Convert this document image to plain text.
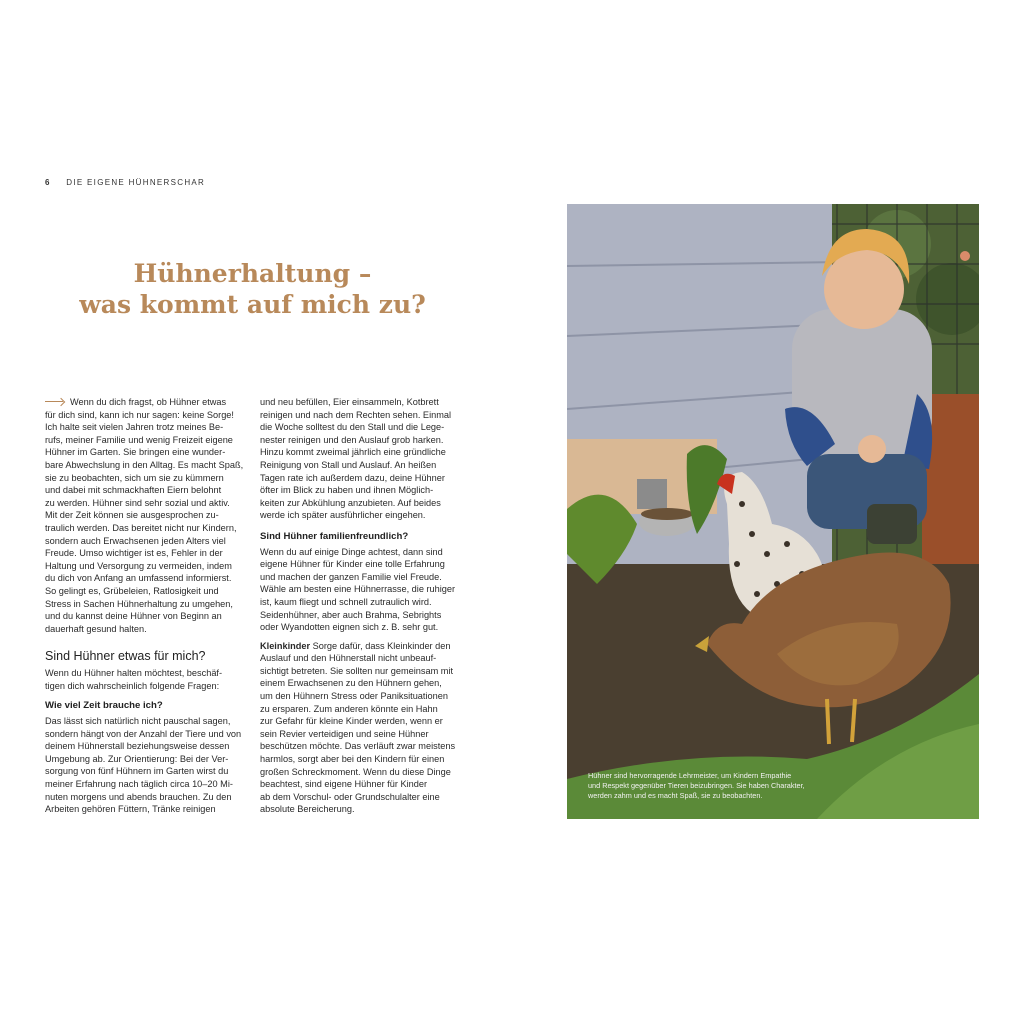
6 DIE EIGENE HÜHNERSCHAR
Hühnerhaltung –
was kommt auf mich zu?
Wenn du dich fragst, ob Hühner etwas
für dich sind, kann ich nur sagen: keine Sorge!
Ich halte seit vielen Jahren trotz meines Be-
rufs, meiner Familie und wenig Freizeit eigene
Hühner im Garten. Sie bringen eine wunder-
bare Abwechslung in den Alltag. Es macht Spaß,
sie zu beobachten, sich um sie zu kümmern
und dabei mit schmackhaften Eiern belohnt
zu werden. Hühner sind sehr sozial und aktiv.
Mit der Zeit können sie ausgesprochen zu-
traulich werden. Das bereitet nicht nur Kindern,
sondern auch Erwachsenen jeden Alters viel
Freude. Umso wichtiger ist es, Fehler in der
Haltung und Versorgung zu vermeiden, indem
du dich von Anfang an umfassend informierst.
So gelingt es, Grübeleien, Ratlosigkeit und
Stress in Sachen Hühnerhaltung zu umgehen,
und du kannst deine Hühner von Beginn an
dauerhaft gesund halten.
Sind Hühner etwas für mich?
Wenn du Hühner halten möchtest, beschäf-
tigen dich wahrscheinlich folgende Fragen:
Wie viel Zeit brauche ich?
Das lässt sich natürlich nicht pauschal sagen,
sondern hängt von der Anzahl der Tiere und von
deinem Hühnerstall beziehungsweise dessen
Umgebung ab. Zur Orientierung: Bei der Ver-
sorgung von fünf Hühnern im Garten wirst du
meiner Erfahrung nach täglich circa 10–20 Mi-
nuten morgens und abends brauchen. Zu den
Arbeiten gehören Füttern, Tränke reinigen
und neu befüllen, Eier einsammeln, Kotbrett
reinigen und nach dem Rechten sehen. Einmal
die Woche solltest du den Stall und die Lege-
nester reinigen und den Auslauf grob harken.
Hinzu kommt zweimal jährlich eine gründliche
Reinigung von Stall und Auslauf. An heißen
Tagen rate ich außerdem dazu, deine Hühner
öfter im Blick zu haben und ihnen Möglich-
keiten zur Abkühlung anzubieten. Auf beides
werde ich später ausführlicher eingehen.
Sind Hühner familienfreundlich?
Wenn du auf einige Dinge achtest, dann sind
eigene Hühner für Kinder eine tolle Erfahrung
und machen der ganzen Familie viel Freude.
Wähle am besten eine Hühnerrasse, die ruhiger
ist, kaum fliegt und schnell zutraulich wird.
Seidenhühner, aber auch Brahma, Sebrights
oder Wyandotten eignen sich z. B. sehr gut.
Kleinkinder Sorge dafür, dass Kleinkinder den
Auslauf und den Hühnerstall nicht unbeauf-
sichtigt betreten. Sie sollten nur gemeinsam mit
einem Erwachsenen zu den Hühnern gehen,
um den Hühnern Stress oder Paniksituationen
zu ersparen. Zum anderen könnte ein Hahn
zur Gefahr für kleine Kinder werden, wenn er
sein Revier verteidigen und seine Hühner
beschützen möchte. Das verläuft zwar meistens
harmlos, sorgt aber bei den Kindern für einen
großen Schreckmoment. Wenn du diese Dinge
beachtest, sind eigene Hühner für Kinder
ab dem Vorschul- oder Grundschulalter eine
absolute Bereicherung.
Hühner sind hervorragende Lehrmeister, um Kindern Empathie
und Respekt gegenüber Tieren beizubringen. Sie haben Charakter,
werden zahm und es macht Spaß, sie zu beobachten.
